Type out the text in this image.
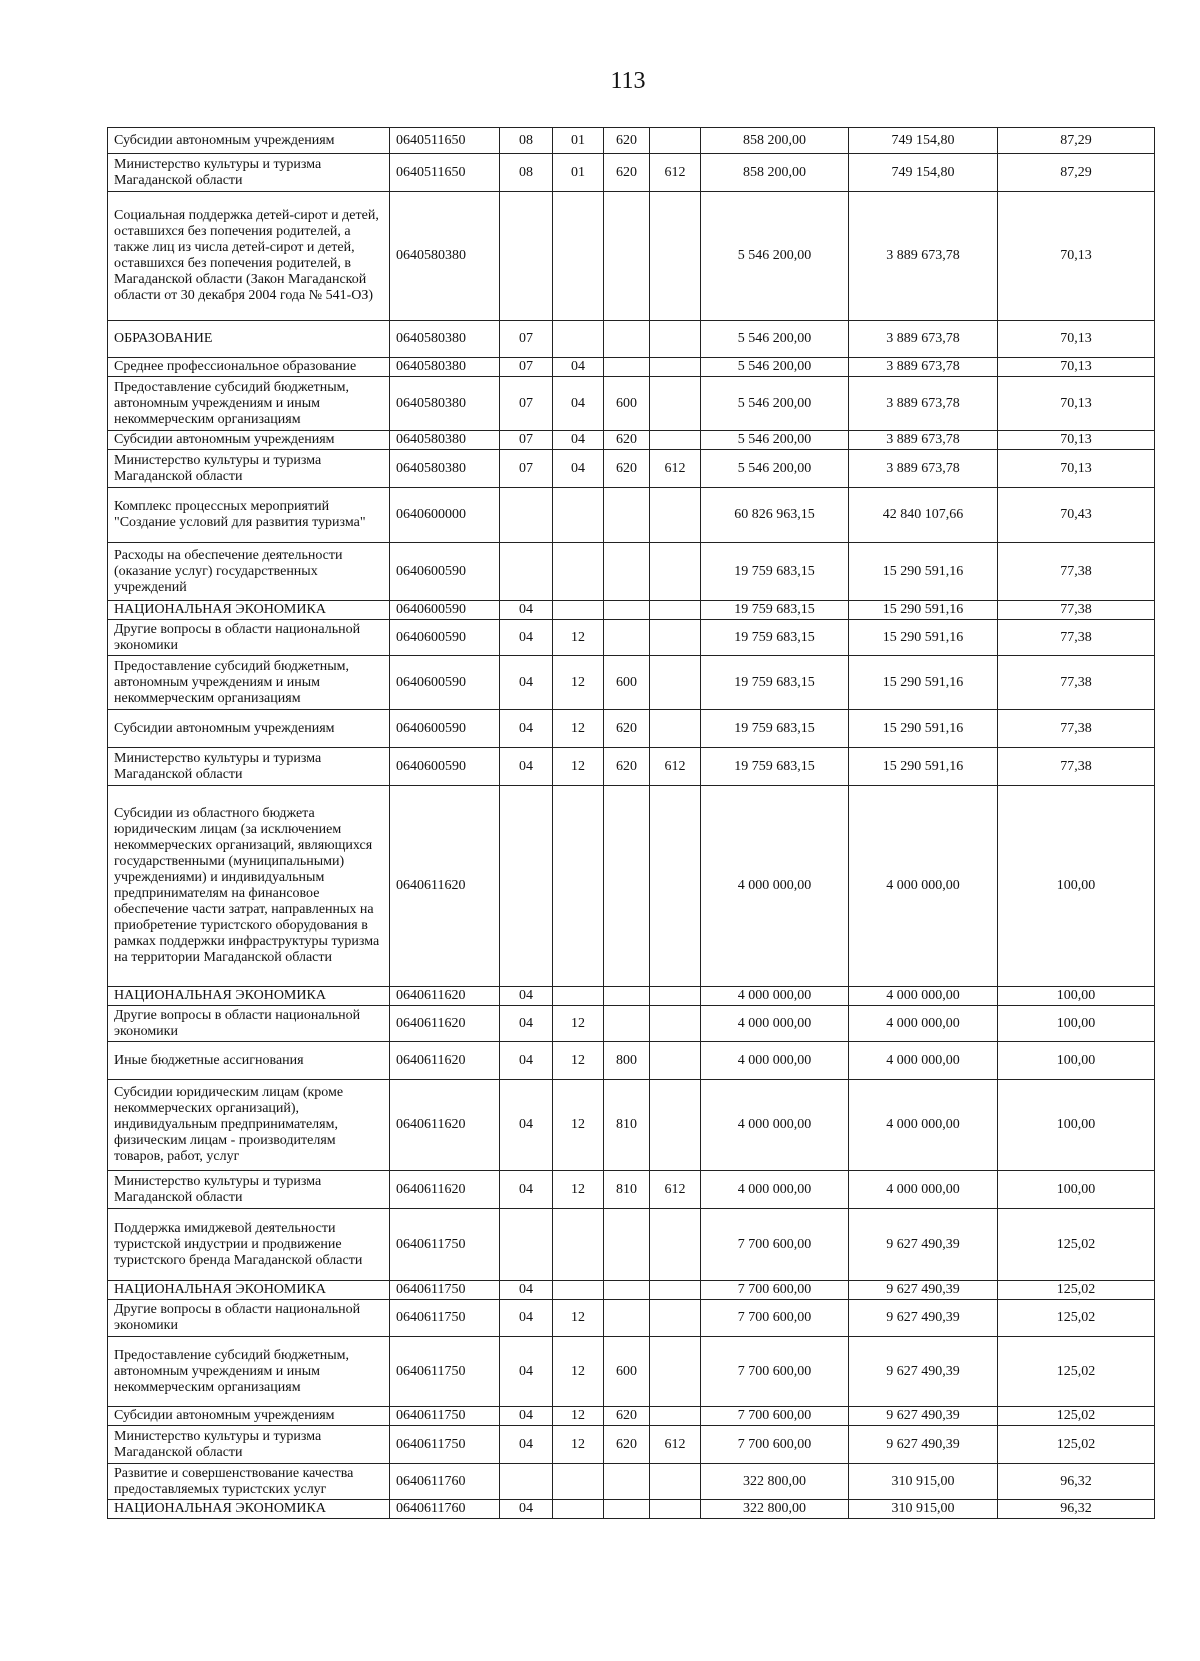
113
Субсидии автономным учреждениям	0640511650	08	01	620		858 200,00	749 154,80	87,29
Министерство культуры и туризма Магаданской области	0640511650	08	01	620	612	858 200,00	749 154,80	87,29
Социальная поддержка детей-сирот и детей, оставшихся без попечения родителей, а также лиц из числа детей-сирот и детей, оставшихся без попечения родителей, в Магаданской области (Закон Магаданской области от 30 декабря 2004 года № 541-ОЗ)	0640580380					5 546 200,00	3 889 673,78	70,13
ОБРАЗОВАНИЕ	0640580380	07				5 546 200,00	3 889 673,78	70,13
Среднее профессиональное образование	0640580380	07	04			5 546 200,00	3 889 673,78	70,13
Предоставление субсидий бюджетным, автономным учреждениям и иным некоммерческим организациям	0640580380	07	04	600		5 546 200,00	3 889 673,78	70,13
Субсидии автономным учреждениям	0640580380	07	04	620		5 546 200,00	3 889 673,78	70,13
Министерство культуры и туризма Магаданской области	0640580380	07	04	620	612	5 546 200,00	3 889 673,78	70,13
Комплекс процессных мероприятий "Создание условий для развития туризма"	0640600000					60 826 963,15	42 840 107,66	70,43
Расходы на обеспечение деятельности (оказание услуг) государственных учреждений	0640600590					19 759 683,15	15 290 591,16	77,38
НАЦИОНАЛЬНАЯ ЭКОНОМИКА	0640600590	04				19 759 683,15	15 290 591,16	77,38
Другие вопросы в области национальной экономики	0640600590	04	12			19 759 683,15	15 290 591,16	77,38
Предоставление субсидий бюджетным, автономным учреждениям и иным некоммерческим организациям	0640600590	04	12	600		19 759 683,15	15 290 591,16	77,38
Субсидии автономным учреждениям	0640600590	04	12	620		19 759 683,15	15 290 591,16	77,38
Министерство культуры и туризма Магаданской области	0640600590	04	12	620	612	19 759 683,15	15 290 591,16	77,38
Субсидии из областного бюджета юридическим лицам (за исключением некоммерческих организаций, являющихся государственными (муниципальными) учреждениями) и индивидуальным предпринимателям на финансовое обеспечение части затрат, направленных на приобретение туристского оборудования в рамках поддержки инфраструктуры туризма на территории Магаданской области	0640611620					4 000 000,00	4 000 000,00	100,00
НАЦИОНАЛЬНАЯ ЭКОНОМИКА	0640611620	04				4 000 000,00	4 000 000,00	100,00
Другие вопросы в области национальной экономики	0640611620	04	12			4 000 000,00	4 000 000,00	100,00
Иные бюджетные ассигнования	0640611620	04	12	800		4 000 000,00	4 000 000,00	100,00
Субсидии юридическим лицам (кроме некоммерческих организаций), индивидуальным предпринимателям, физическим лицам - производителям товаров, работ, услуг	0640611620	04	12	810		4 000 000,00	4 000 000,00	100,00
Министерство культуры и туризма Магаданской области	0640611620	04	12	810	612	4 000 000,00	4 000 000,00	100,00
Поддержка имиджевой деятельности туристской индустрии и продвижение туристского бренда Магаданской области	0640611750					7 700 600,00	9 627 490,39	125,02
НАЦИОНАЛЬНАЯ ЭКОНОМИКА	0640611750	04				7 700 600,00	9 627 490,39	125,02
Другие вопросы в области национальной экономики	0640611750	04	12			7 700 600,00	9 627 490,39	125,02
Предоставление субсидий бюджетным, автономным учреждениям и иным некоммерческим организациям	0640611750	04	12	600		7 700 600,00	9 627 490,39	125,02
Субсидии автономным учреждениям	0640611750	04	12	620		7 700 600,00	9 627 490,39	125,02
Министерство культуры и туризма Магаданской области	0640611750	04	12	620	612	7 700 600,00	9 627 490,39	125,02
Развитие и совершенствование качества предоставляемых туристских услуг	0640611760					322 800,00	310 915,00	96,32
НАЦИОНАЛЬНАЯ ЭКОНОМИКА	0640611760	04				322 800,00	310 915,00	96,32
